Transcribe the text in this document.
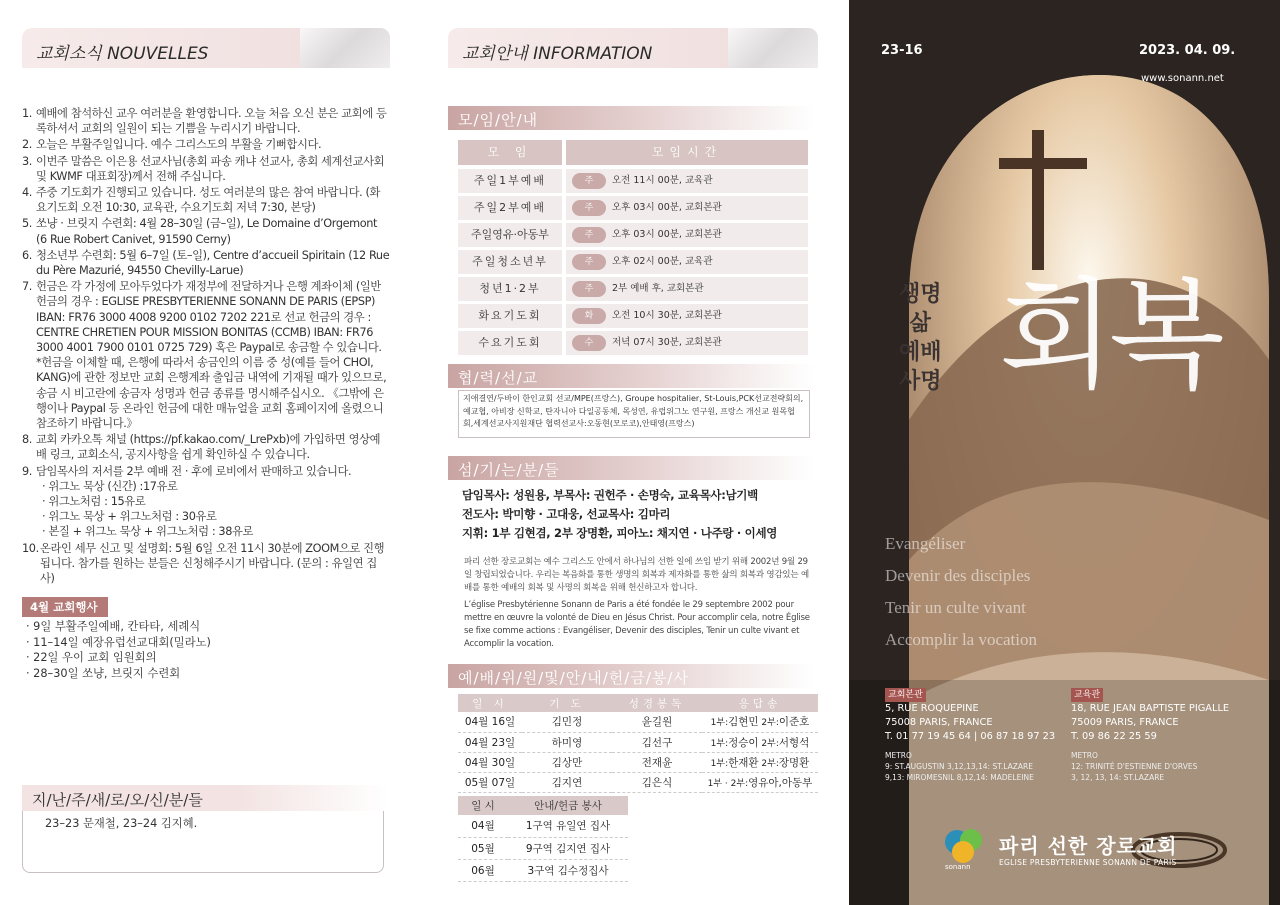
교회소식 NOUVELLES
1. 예배에 참석하신 교우 여러분을 환영합니다. 오늘 처음 오신 분은 교회에 등록하셔서 교회의 일원이 되는 기쁨을 누리시기 바랍니다.
2. 오늘은 부활주일입니다. 예수 그리스도의 부활을 기뻐합시다.
3. 이번주 말씀은 이은용 선교사님(총회 파송 캐냐 선교사, 총회 세계선교사회 및 KWMF 대표회장)께서 전해 주십니다.
4. 주중 기도회가 진행되고 있습니다. 성도 여러분의 많은 참여 바랍니다. (화요기도회 오전 10:30, 교육관, 수요기도회 저녁 7:30, 본당)
5. 쏘냥 · 브릿지 수련회: 4월 28–30일 (금–일), Le Domaine d’Orgemont (6 Rue Robert Canivet, 91590 Cerny)
6. 청소년부 수련회: 5월 6–7일 (토–일), Centre d’accueil Spiritain (12 Rue du Père Mazurié, 94550 Chevilly-Larue)
7. 헌금은 각 가정에 모아두었다가 재정부에 전달하거나 은행 계좌이체 (일반 헌금의 경우 : EGLISE PRESBYTERIENNE SONANN DE PARIS (EPSP) IBAN: FR76 3000 4008 9200 0102 7202 221로 선교 헌금의 경우 : CENTRE CHRETIEN POUR MISSION BONITAS (CCMB) IBAN: FR76 3000 4001 7900 0101 0725 729) 혹은 Paypal로 송금할 수 있습니다. *헌금을 이체할 때, 은행에 따라서 송금인의 이름 중 성(예를 들어 CHOI, KANG)에 관한 정보만 교회 은행계좌 출입금 내역에 기재될 때가 있으므로, 송금 시 비고란에 송금자 성명과 헌금 종류를 명시해주십시오. 《그밖에 은행이나 Paypal 등 온라인 헌금에 대한 매뉴얼을 교회 홈페이지에 올렸으니 참조하기 바랍니다.》
8. 교회 카카오톡 채널 (https://pf.kakao.com/_LrePxb)에 가입하면 영상예배 링크, 교회소식, 공지사항을 쉽게 확인하실 수 있습니다.
9. 담임목사의 저서를 2부 예배 전 · 후에 로비에서 판매하고 있습니다.
· 위그노 묵상 (신간) :17유로
· 위그노처럼 : 15유로
· 위그노 묵상 + 위그노처럼 : 30유로
· 본질 + 위그노 묵상 + 위그노처럼 : 38유로
10. 온라인 세무 신고 및 설명회: 5월 6일 오전 11시 30분에 ZOOM으로 진행됩니다. 참가를 원하는 분들은 신청해주시기 바랍니다. (문의 : 유일연 집사)
4월 교회행사
· 9일 부활주일예배, 칸타타, 세례식
· 11–14일 예장유럽선교대회(밀라노)
· 22일 우이 교회 임원회의
· 28–30일 쏘냥, 브릿지 수련회
지/난/주/새/로/오/신/분/들
23–23 문재철, 23–24 김지혜.
교회안내 INFORMATION
모/임/안/내
모 임	모임시간
주일1부예배	주 오전 11시 00분, 교육관
주일2부예배	주 오후 03시 00분, 교회본관
주일영유·아동부	주 오후 03시 00분, 교회본관
주일청소년부	주 오후 02시 00분, 교육관
청년1·2부	주 2부 예배 후, 교회본관
화요기도회	화 오전 10시 30분, 교회본관
수요기도회	수 저녁 07시 30분, 교회본관
협/력/선/교
지애결연/두바이 한인교회 선교/MPE(프랑스), Groupe hospitalier, St-Louis,PCK선교전략회의, 예교협, 아비장 신학교, 탄자니아 다일공동체, 목성연, 유럽위그노 연구원, 프랑스 개신교 원목협회,세계선교사지원재단 협력선교사:오동현(모로코),안태영(프랑스)
섬/기/는/분/들
담임목사: 성원용, 부목사: 권헌주 · 손명숙, 교육목사:남기백
전도사: 박미향 · 고대웅, 선교목사: 김마리
지휘: 1부 김현겸, 2부 장명환, 피아노: 채지연 · 나주랑 · 이세영

파리 선한 장로교회는 예수 그리스도 안에서 하나님의 선한 일에 쓰임 받기 위해 2002년 9월 29일 창립되었습니다. 우리는 복음화를 통한 생명의 회복과 제자화를 통한 삶의 회복과 영감있는 예배를 통한 예배의 회복 및 사명의 회복을 위해 헌신하고자 합니다.

L’église Presbytérienne Sonann de Paris a été fondée le 29 septembre 2002 pour mettre en œuvre la volonté de Dieu en Jésus Christ. Pour accomplir cela, notre Église se fixe comme actions : Evangéliser, Devenir des disciples, Tenir un culte vivant et Accomplir la vocation.

예/배/위/원/및/안/내/헌/금/봉/사
일 시	기 도	성경봉독	응답송
04월 16일	김민정	윤길원	1부:김현민 2부:이준호
04월 23일	하미영	김선구	1부:정승이 2부:서형석
04월 30일	김상만	전재윤	1부:한재환 2부:장명환
05월 07일	김지연	김은식	1부 · 2부:영유아,아동부
일 시	안내/헌금 봉사
04월	1구역 유일연 집사
05월	9구역 김지연 집사
06월	3구역 김수정집사
23-16	2023. 04. 09.
www.sonann.net
생명
삶
예배
사명 회복
Evangéliser
Devenir des disciples
Tenir un culte vivant
Accomplir la vocation
교회본관
5, RUE ROQUEPINE
75008 PARIS, FRANCE
T. 01 77 19 45 64 | 06 87 18 97 23
METRO
9: ST.AUGUSTIN 3,12,13,14: ST.LAZARE
9,13: MIROMESNIL 8,12,14: MADELEINE
교육관
18, RUE JEAN BAPTISTE PIGALLE
75009 PARIS, FRANCE
T. 09 86 22 25 59
METRO
12: TRINITÉ D'ESTIENNE D'ORVES
3, 12, 13, 14: ST.LAZARE
sonann
파리 선한 장로교회
EGLISE PRESBYTERIENNE SONANN DE PARIS
